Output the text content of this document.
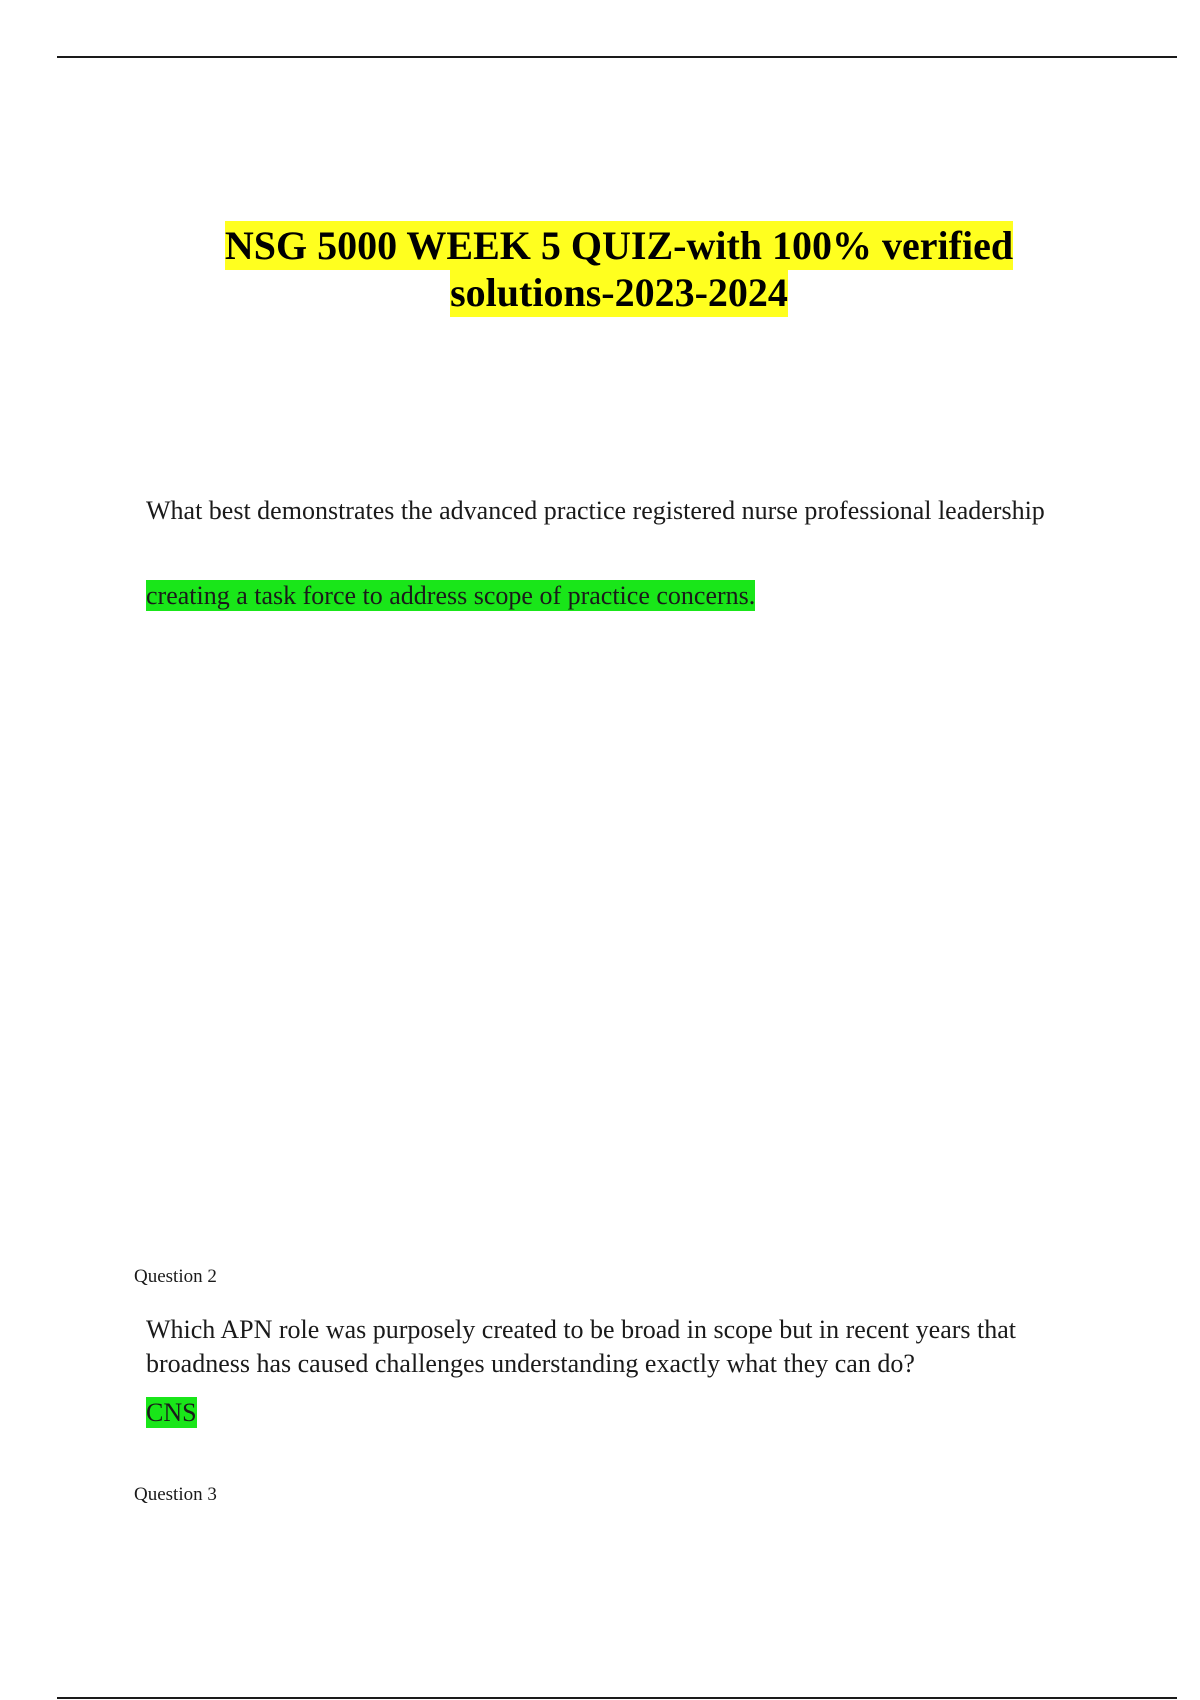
NSG 5000 WEEK 5 QUIZ-with 100% verified
solutions-2023-2024
What best demonstrates the advanced practice registered nurse professional leadership
creating a task force to address scope of practice concerns.
Question 2
Which APN role was purposely created to be broad in scope but in recent years that broadness has caused challenges understanding exactly what they can do?
CNS
Question 3
